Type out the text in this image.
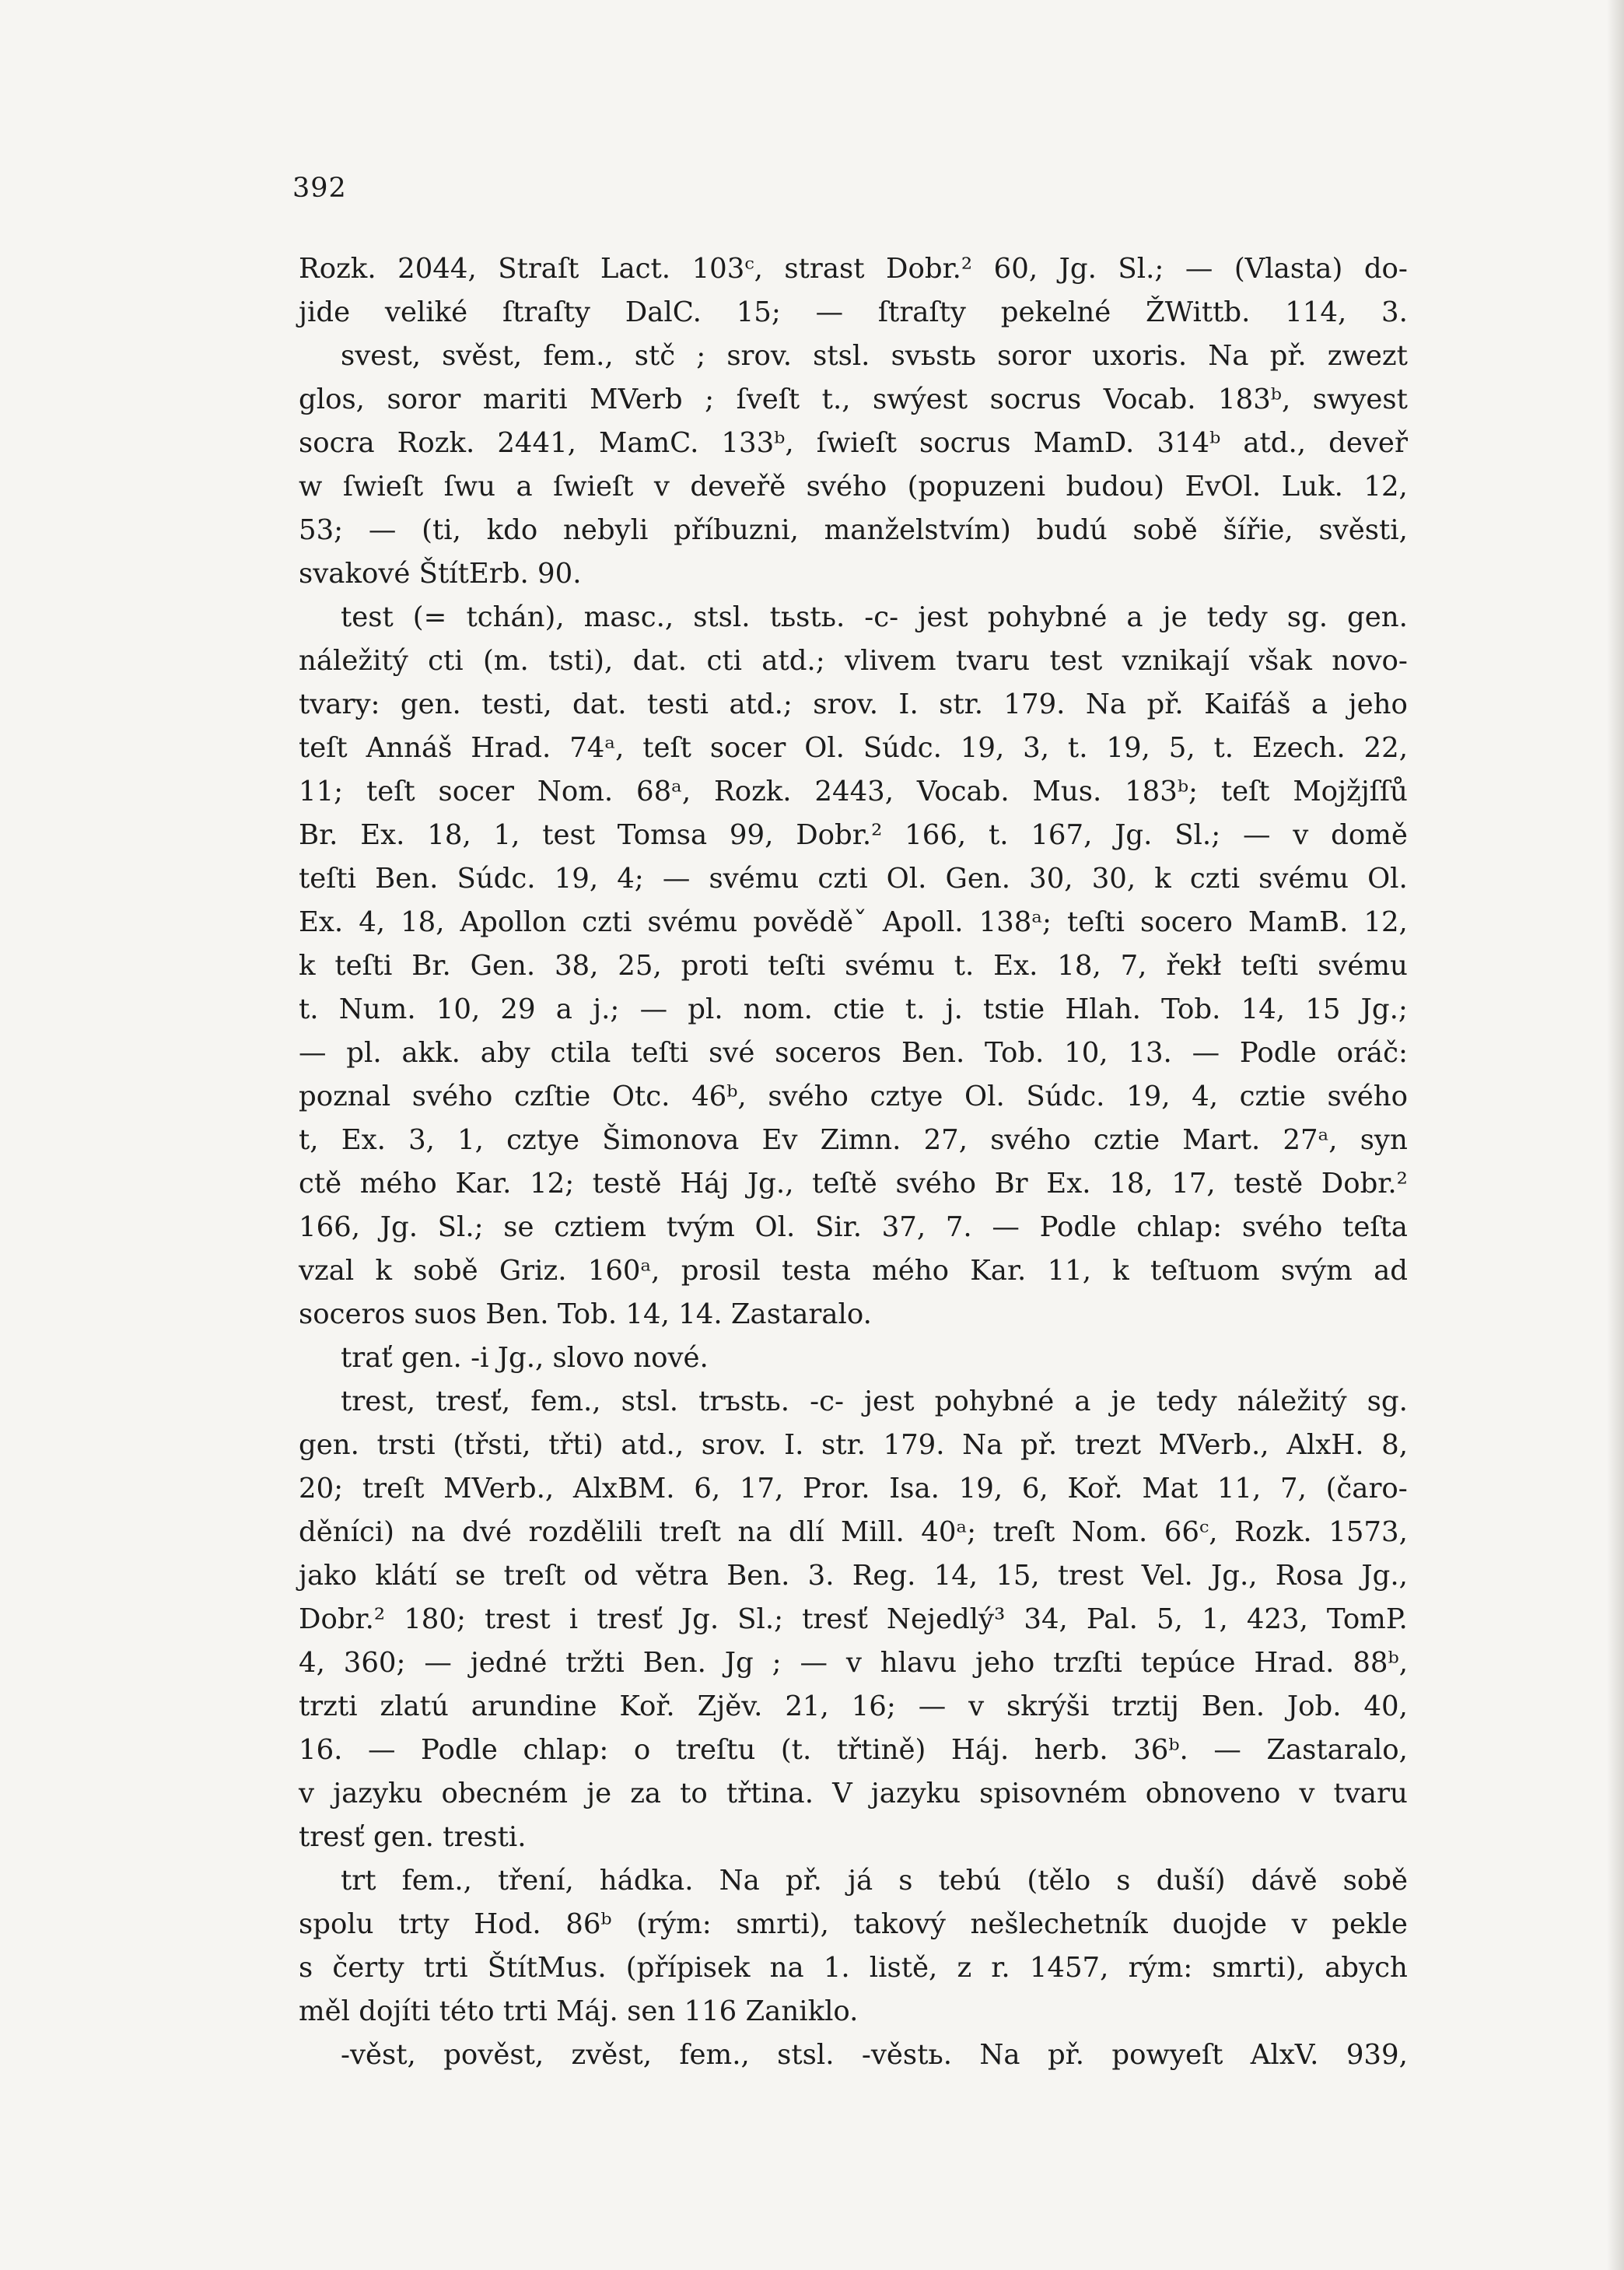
392
Rozk. 2044, Straſt Lact. 103ᶜ, strast Dobr.² 60, Jg. Sl.; — (Vlasta) do-
jide veliké ſtraſty DalC. 15; — ſtraſty pekelné ŽWittb. 114, 3.
svest, svěst, fem., stč ; srov. stsl. svьstь soror uxoris. Na př. zwezt
glos, soror mariti MVerb ; ſveſt t., swýest socrus Vocab. 183ᵇ, swyest
socra Rozk. 2441, MamC. 133ᵇ, ſwieſt socrus MamD. 314ᵇ atd., deveř
w ſwieſt ſwu a ſwieſt v deveřě svého (popuzeni budou) EvOl. Luk. 12,
53; — (ti, kdo nebyli příbuzni, manželstvím) budú sobě šířie, svěsti,
svakové ŠtítErb. 90.
test (= tchán), masc., stsl. tьstь. -c- jest pohybné a je tedy sg. gen.
náležitý cti (m. tsti), dat. cti atd.; vlivem tvaru test vznikají však novo-
tvary: gen. testi, dat. testi atd.; srov. I. str. 179. Na př. Kaifáš a jeho
teſt Annáš Hrad. 74ᵃ, teſt socer Ol. Súdc. 19, 3, t. 19, 5, t. Ezech. 22,
11; teſt socer Nom. 68ᵃ, Rozk. 2443, Vocab. Mus. 183ᵇ; teſt Mojžjſſů
Br. Ex. 18, 1, test Tomsa 99, Dobr.² 166, t. 167, Jg. Sl.; — v domě
teſti Ben. Súdc. 19, 4; — svému czti Ol. Gen. 30, 30, k czti svému Ol.
Ex. 4, 18, Apollon czti svému pověděˇ Apoll. 138ᵃ; teſti socero MamB. 12,
k teſti Br. Gen. 38, 25, proti teſti svému t. Ex. 18, 7, řekł teſti svému
t. Num. 10, 29 a j.; — pl. nom. ctie t. j. tstie Hlah. Tob. 14, 15 Jg.;
— pl. akk. aby ctila teſti své soceros Ben. Tob. 10, 13. — Podle oráč:
poznal svého czſtie Otc. 46ᵇ, svého cztye Ol. Súdc. 19, 4, cztie svého
t, Ex. 3, 1, cztye Šimonova Ev Zimn. 27, svého cztie Mart. 27ᵃ, syn
ctě mého Kar. 12; testě Háj Jg., teſtě svého Br Ex. 18, 17, testě Dobr.²
166, Jg. Sl.; se cztiem tvým Ol. Sir. 37, 7. — Podle chlap: svého teſta
vzal k sobě Griz. 160ᵃ, prosil testa mého Kar. 11, k teſtuom svým ad
soceros suos Ben. Tob. 14, 14. Zastaralo.
trať gen. -i Jg., slovo nové.
trest, tresť, fem., stsl. trъstь. -c- jest pohybné a je tedy náležitý sg.
gen. trsti (třsti, třti) atd., srov. I. str. 179. Na př. trezt MVerb., AlxH. 8,
20; treſt MVerb., AlxBM. 6, 17, Pror. Isa. 19, 6, Koř. Mat 11, 7, (čaro-
děníci) na dvé rozdělili treſt na dlí Mill. 40ᵃ; treſt Nom. 66ᶜ, Rozk. 1573,
jako klátí se treſt od větra Ben. 3. Reg. 14, 15, trest Vel. Jg., Rosa Jg.,
Dobr.² 180; trest i tresť Jg. Sl.; tresť Nejedlý³ 34, Pal. 5, 1, 423, TomP.
4, 360; — jedné tržti Ben. Jg ; — v hlavu jeho trzſti tepúce Hrad. 88ᵇ,
trzti zlatú arundine Koř. Zjěv. 21, 16; — v skrýši trztij Ben. Job. 40,
16. — Podle chlap: o treſtu (t. třtině) Háj. herb. 36ᵇ. — Zastaralo,
v jazyku obecném je za to třtina. V jazyku spisovném obnoveno v tvaru
tresť gen. tresti.
trt fem., tření, hádka. Na př. já s tebú (tělo s duší) dávě sobě
spolu trty Hod. 86ᵇ (rým: smrti), takový nešlechetník duojde v pekle
s čerty trti ŠtítMus. (přípisek na 1. listě, z r. 1457, rým: smrti), abych
měl dojíti této trti Máj. sen 116 Zaniklo.
-věst, pověst, zvěst, fem., stsl. -věstь. Na př. powyeſt AlxV. 939,
